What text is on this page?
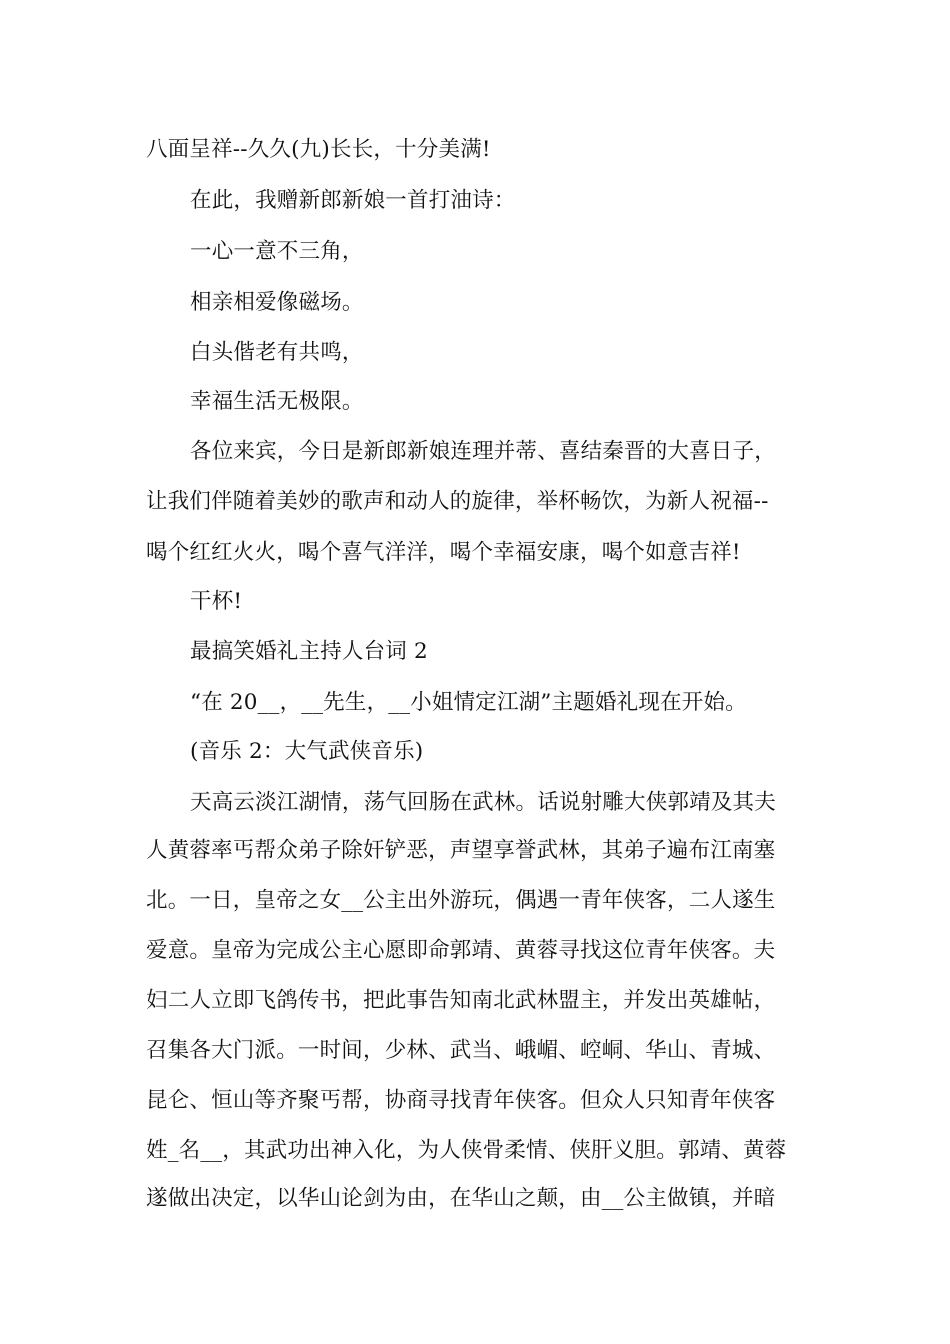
八面呈祥--久久(九)长长，十分美满!
在此，我赠新郎新娘一首打油诗：
一心一意不三角，
相亲相爱像磁场。
白头偕老有共鸣，
幸福生活无极限。
各位来宾，今日是新郎新娘连理并蒂、喜结秦晋的大喜日子，
让我们伴随着美妙的歌声和动人的旋律，举杯畅饮，为新人祝福--
喝个红红火火，喝个喜气洋洋，喝个幸福安康，喝个如意吉祥!
干杯!
最搞笑婚礼主持人台词 2
“在 20__，__先生，__小姐情定江湖”主题婚礼现在开始。
(音乐 2：大气武侠音乐)
天高云淡江湖情，荡气回肠在武林。话说射雕大侠郭靖及其夫
人黄蓉率丐帮众弟子除奸铲恶，声望享誉武林，其弟子遍布江南塞
北。一日，皇帝之女__公主出外游玩，偶遇一青年侠客，二人遂生
爱意。皇帝为完成公主心愿即命郭靖、黄蓉寻找这位青年侠客。夫
妇二人立即飞鸽传书，把此事告知南北武林盟主，并发出英雄帖，
召集各大门派。一时间，少林、武当、峨嵋、崆峒、华山、青城、
昆仑、恒山等齐聚丐帮，协商寻找青年侠客。但众人只知青年侠客
姓_名__，其武功出神入化，为人侠骨柔情、侠肝义胆。郭靖、黄蓉
遂做出决定，以华山论剑为由，在华山之颠，由__公主做镇，并暗
